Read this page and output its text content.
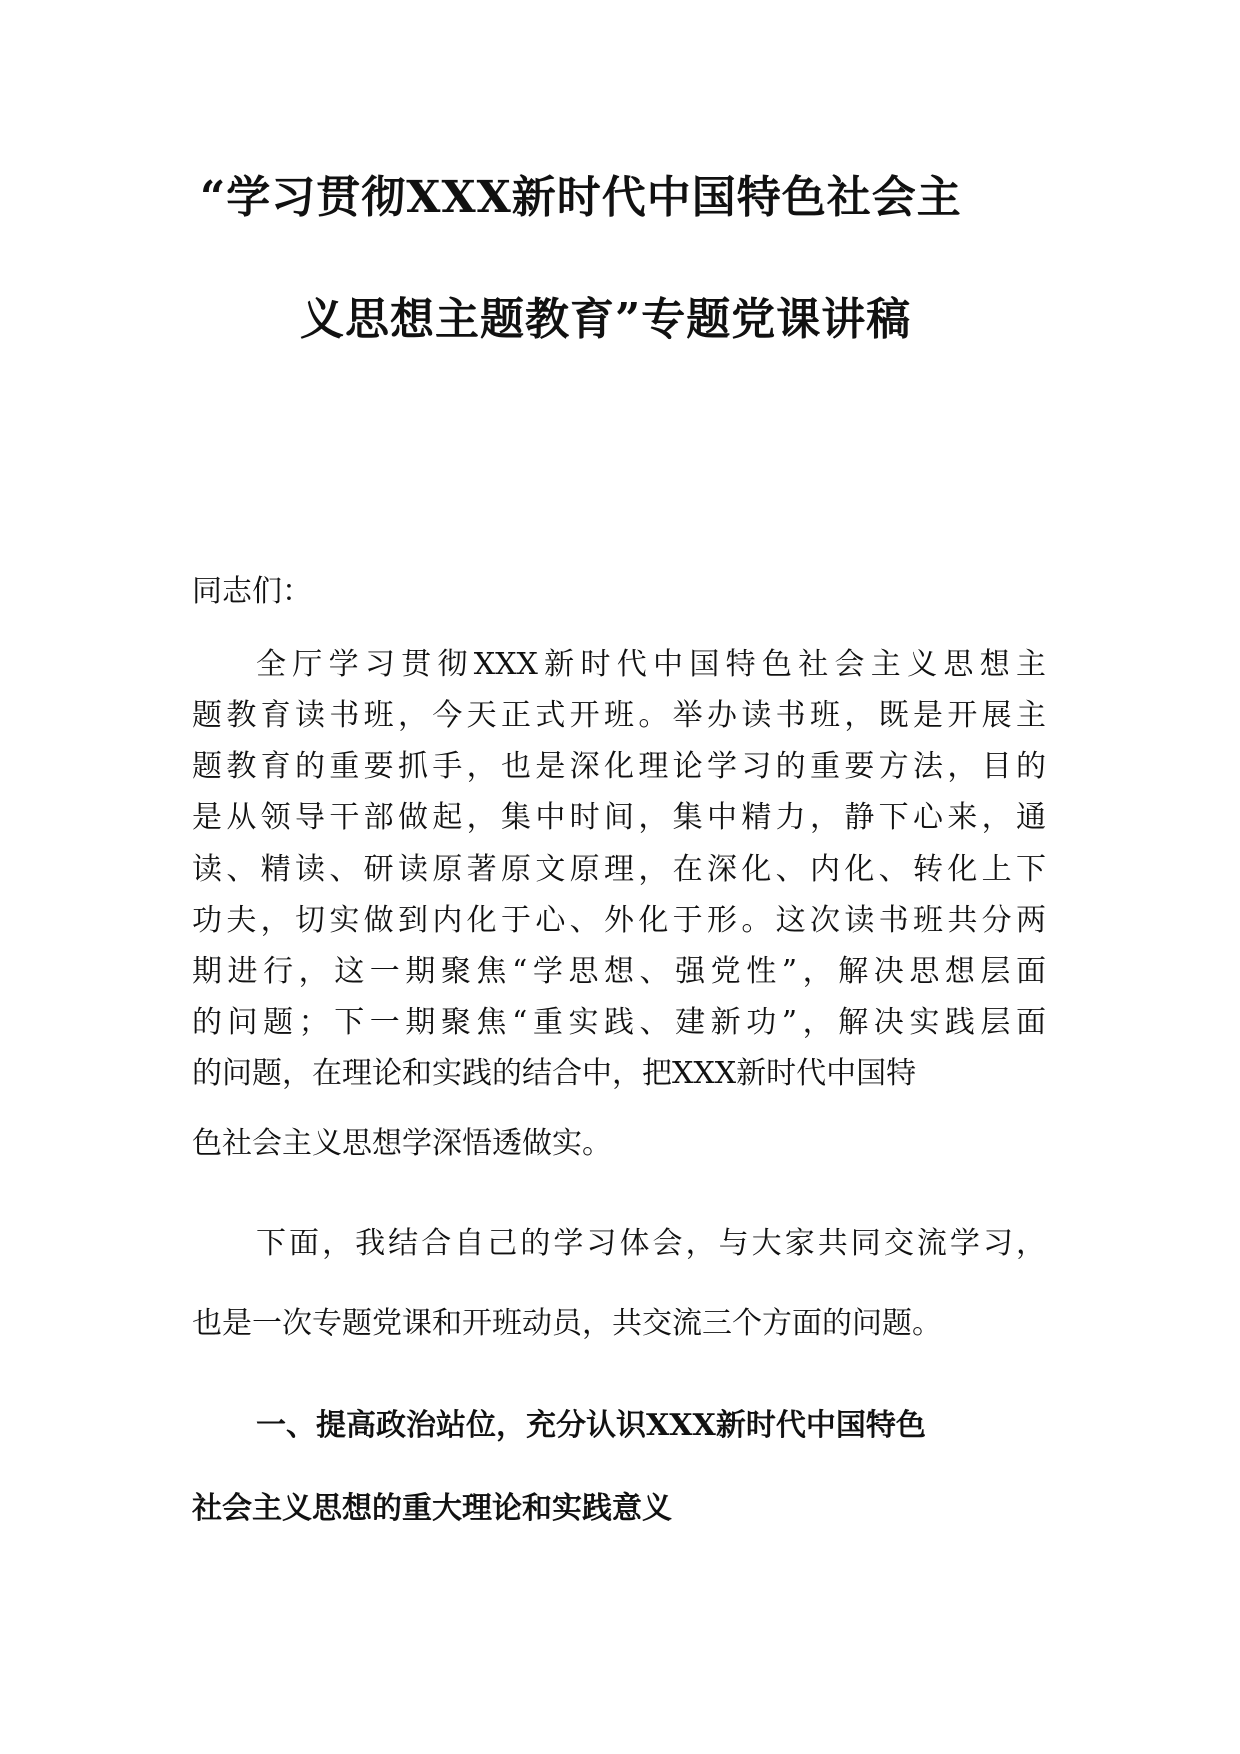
“学习贯彻XXX新时代中国特色社会主
义思想主题教育”专题党课讲稿

同志们：

全厅学习贯彻XXX新时代中国特色社会主义思想主

题教育读书班，今天正式开班。举办读书班，既是开展主

题教育的重要抓手，也是深化理论学习的重要方法，目的

是从领导干部做起，集中时间，集中精力，静下心来，通

读、精读、研读原著原文原理，在深化、内化、转化上下

功夫，切实做到内化于心、外化于形。这次读书班共分两

期进行，这一期聚焦“学思想、强党性”，解决思想层面

的问题；下一期聚焦“重实践、建新功”，解决实践层面

的问题，在理论和实践的结合中，把XXX新时代中国特

色社会主义思想学深悟透做实。

下面，我结合自己的学习体会，与大家共同交流学习，

也是一次专题党课和开班动员，共交流三个方面的问题。

一、提高政治站位，充分认识XXX新时代中国特色
社会主义思想的重大理论和实践意义
